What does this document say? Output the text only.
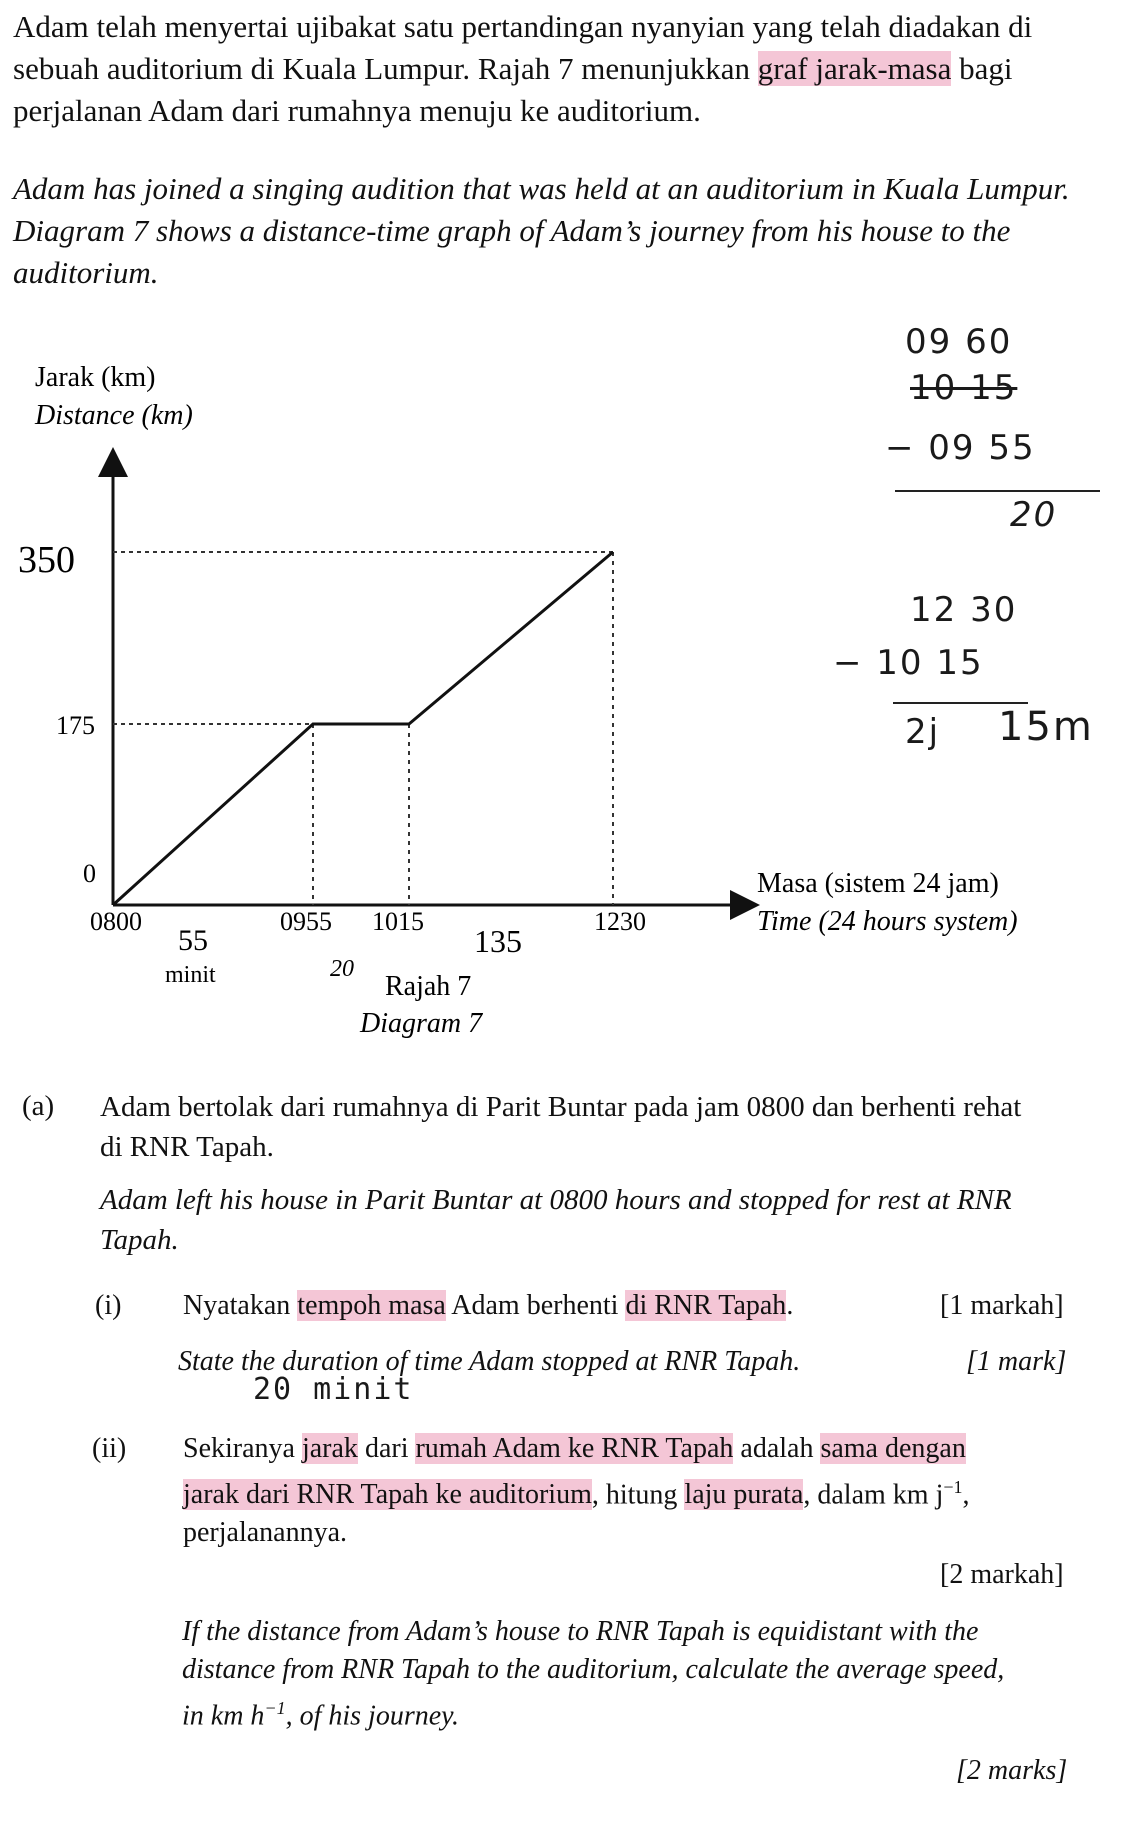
Adam telah menyertai ujibakat satu pertandingan nyanyian yang telah diadakan di

sebuah auditorium di Kuala Lumpur. Rajah 7 menunjukkan graf jarak-masa bagi

perjalanan Adam dari rumahnya menuju ke auditorium.

Adam has joined a singing audition that was held at an auditorium in Kuala Lumpur.

Diagram 7 shows a distance-time graph of Adam’s journey from his house to the

auditorium.

Jarak (km)
Distance (km)
350
175
0
0800	0955 1015	1230
Masa (sistem 24 jam)
Time (24 hours system)
55
minit	20
135
Rajah 7
Diagram 7
09 60
10 15
− 09 55
20
12 30
− 10 15
2j 15m
(a) Adam bertolak dari rumahnya di Parit Buntar pada jam 0800 dan berhenti rehat
di RNR Tapah.
Adam left his house in Parit Buntar at 0800 hours and stopped for rest at RNR
Tapah.
(i) Nyatakan tempoh masa Adam berhenti di RNR Tapah.	[1 markah]
State the duration of time Adam stopped at RNR Tapah.	[1 mark]
20 minit
(ii) Sekiranya jarak dari rumah Adam ke RNR Tapah adalah sama dengan
jarak dari RNR Tapah ke auditorium, hitung laju purata, dalam km $j^{-1}$,
perjalanannya.
[2 markah]
If the distance from Adam’s house to RNR Tapah is equidistant with the
distance from RNR Tapah to the auditorium, calculate the average speed,
in km $h^{-1}$, of his journey.
[2 marks]
